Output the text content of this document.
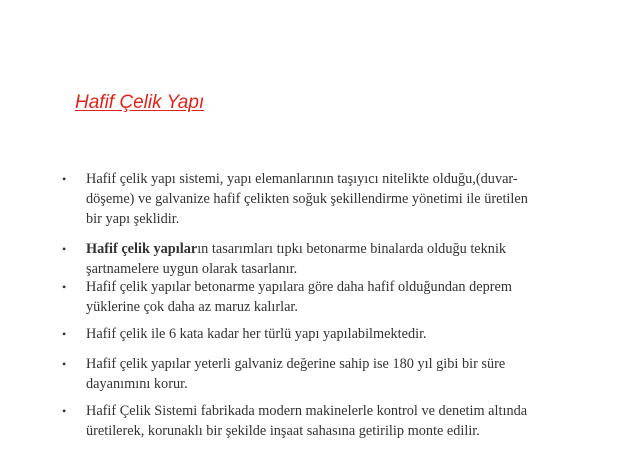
Hafif Çelik Yapı
•	Hafif çelik yapı sistemi, yapı elemanlarının taşıyıcı nitelikte olduğu,(duvar-
döşeme) ve galvanize hafif çelikten soğuk şekillendirme yönetimi ile üretilen
bir yapı şeklidir.
•	Hafif çelik yapıların tasarımları tıpkı betonarme binalarda olduğu teknik
şartnamelere uygun olarak tasarlanır.
•	Hafif çelik yapılar betonarme yapılara göre daha hafif olduğundan deprem
yüklerine çok daha az maruz kalırlar.
•	Hafif çelik ile 6 kata kadar her türlü yapı yapılabilmektedir.
•	Hafif çelik yapılar yeterli galvaniz değerine sahip ise 180 yıl gibi bir süre
dayanımını korur.
•	Hafif Çelik Sistemi fabrikada modern makinelerle kontrol ve denetim altında
üretilerek, korunaklı bir şekilde inşaat sahasına getirilip monte edilir.
